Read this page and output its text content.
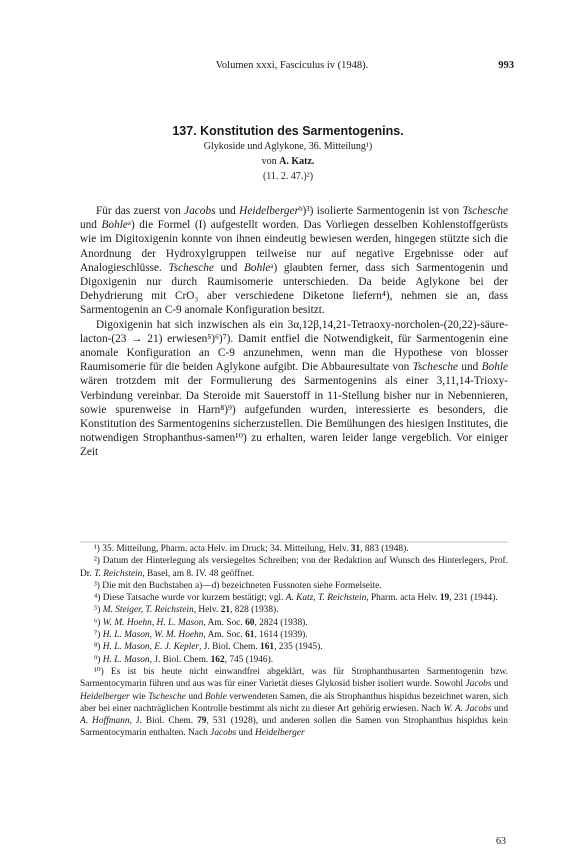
Volumen xxxi, Fasciculus iv (1948).	993
137. Konstitution des Sarmentogenins.
Glykoside und Aglykone, 36. Mitteilung¹)
von A. Katz.
(11. 2. 47.)²)

Für das zuerst von Jacobs und Heidelbergerᵇ)³) isolierte Sarmentogenin ist von Tschesche und Bohleᵃ) die Formel (I) aufgestellt worden. Das Vorliegen desselben Kohlenstoffgerüsts wie im Digitoxigenin konnte von ihnen eindeutig bewiesen werden, hingegen stützte sich die Anordnung der Hydroxylgruppen teilweise nur auf negative Ergebnisse oder auf Analogieschlüsse. Tschesche und Bohleᵃ) glaubten ferner, dass sich Sarmentogenin und Digoxigenin nur durch Raumisomerie unterschieden. Da beide Aglykone bei der Dehydrierung mit CrO₃ aber verschiedene Diketone liefern⁴), nehmen sie an, dass Sarmentogenin an C-9 anomale Konfiguration besitzt.

Digoxigenin hat sich inzwischen als ein 3α,12β,14,21-Tetraoxy-norcholen-(20,22)-säure-lacton-(23 → 21) erwiesen⁵)⁶)⁷). Damit entfiel die Notwendigkeit, für Sarmentogenin eine anomale Konfiguration an C-9 anzunehmen, wenn man die Hypothese von blosser Raumisomerie für die beiden Aglykone aufgibt. Die Abbauresultate von Tschesche und Bohle wären trotzdem mit der Formulierung des Sarmentogenins als einer 3,11,14-Trioxy-Verbindung vereinbar. Da Steroide mit Sauerstoff in 11-Stellung bisher nur in Nebennieren, sowie spurenweise in Harn⁸)⁹) aufgefunden wurden, interessierte es besonders, die Konstitution des Sarmentogenins sicherzustellen. Die Bemühungen des hiesigen Institutes, die notwendigen Strophanthus-samen¹⁰) zu erhalten, waren leider lange vergeblich. Vor einiger Zeit

¹) 35. Mitteilung, Pharm. acta Helv. im Druck; 34. Mitteilung, Helv. 31, 883 (1948).

²) Datum der Hinterlegung als versiegeltes Schreiben; von der Redaktion auf Wunsch des Hinterlegers, Prof. Dr. T. Reichstein, Basel, am 8. IV. 48 geöffnet.

³) Die mit den Buchstaben a)—d) bezeichneten Fussnoten siehe Formelseite.

⁴) Diese Tatsache wurde vor kurzem bestätigt; vgl. A. Katz, T. Reichstein, Pharm. acta Helv. 19, 231 (1944).

⁵) M. Steiger, T. Reichstein, Helv. 21, 828 (1938).

⁶) W. M. Hoehn, H. L. Mason, Am. Soc. 60, 2824 (1938).

⁷) H. L. Mason, W. M. Hoehn, Am. Soc. 61, 1614 (1939).

⁸) H. L. Mason, E. J. Kepler, J. Biol. Chem. 161, 235 (1945).

⁹) H. L. Mason, J. Biol. Chem. 162, 745 (1946).

¹⁰) Es ist bis heute nicht einwandfrei abgeklärt, was für Strophanthusarten Sarmentogenin bzw. Sarmentocymarin führen und aus was für einer Varietät dieses Glykosid bisher isoliert wurde. Sowohl Jacobs und Heidelberger wie Tschesche und Bohle verwendeten Samen, die als Strophanthus hispidus bezeichnet waren, sich aber bei einer nachträglichen Kontrolle bestimmt als nicht zu dieser Art gehörig erwiesen. Nach W. A. Jacobs und A. Hoffmann, J. Biol. Chem. 79, 531 (1928), und anderen sollen die Samen von Strophanthus hispidus kein Sarmentocymarin enthalten. Nach Jacobs und Heidelberger

63
